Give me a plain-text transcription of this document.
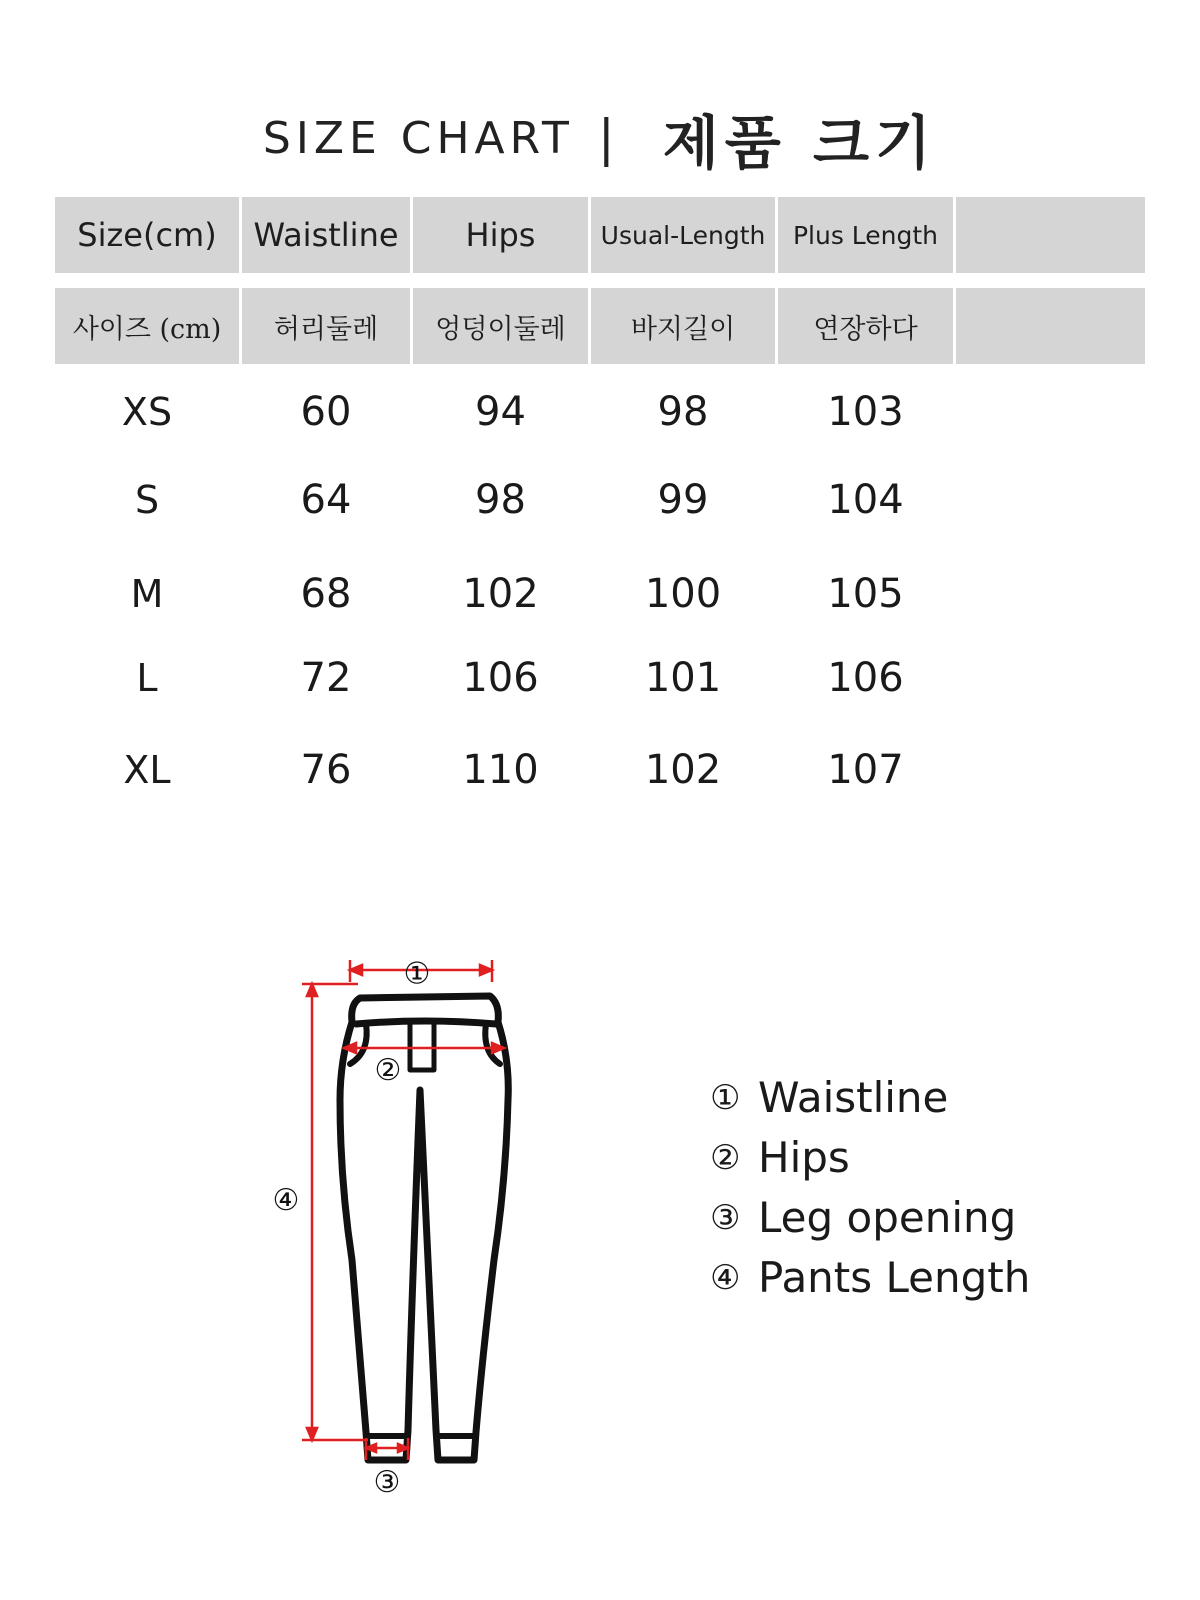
SIZE CHART | 제품 크기
Size(cm)	Waistline	Hips	Usual-Length	Plus Length
사이즈 (cm)	허리둘레	엉덩이둘레	바지길이	연장하다
XS	60	94	98	103
S	64	98	99	104
M	68	102	100	105
L	72	106	101	106
XL	76	110	102	107
①
②
④
③
① Waistline
② Hips
③ Leg opening
④ Pants Length
